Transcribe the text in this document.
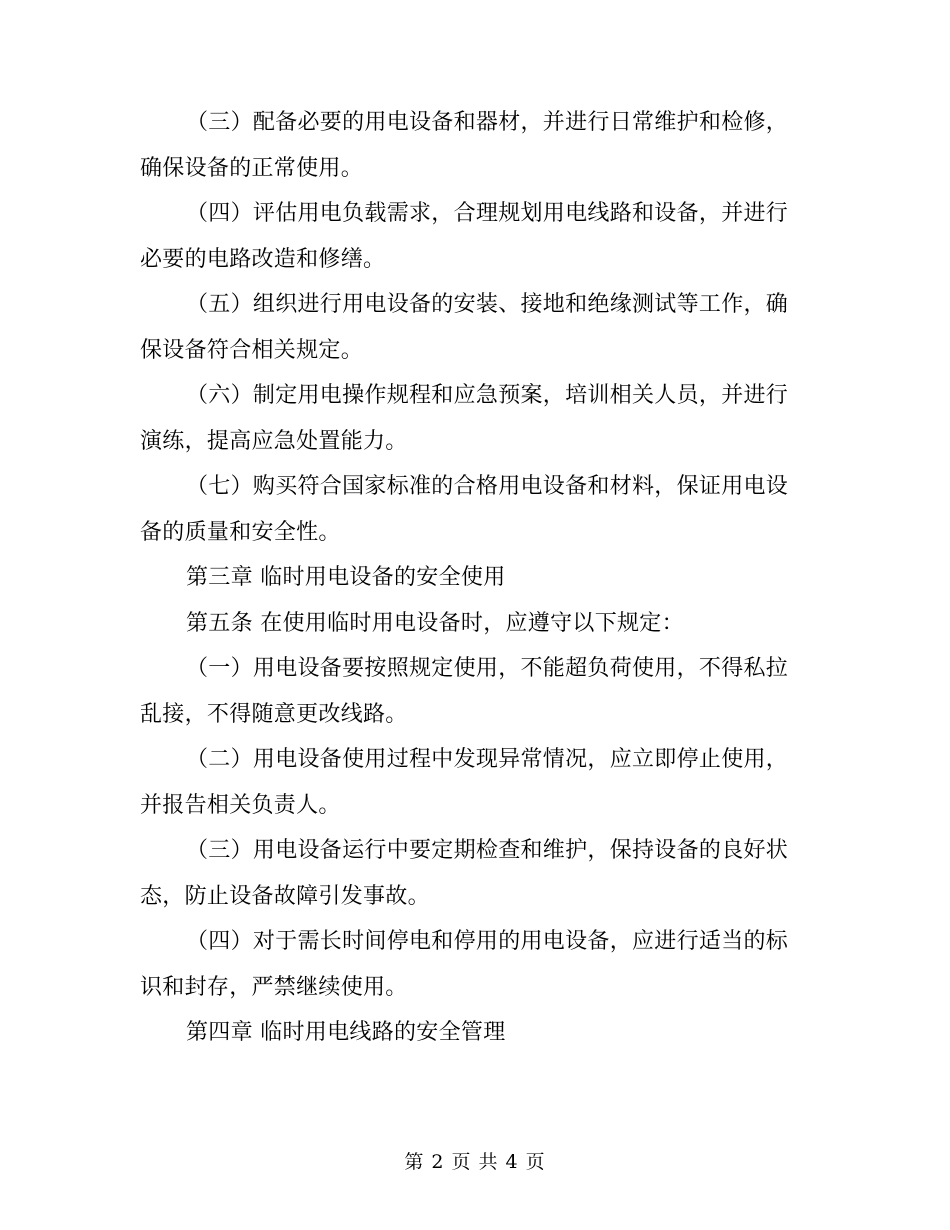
（三）配备必要的用电设备和器材，并进行日常维护和检修，确保设备的正常使用。

（四）评估用电负载需求，合理规划用电线路和设备，并进行必要的电路改造和修缮。

（五）组织进行用电设备的安装、接地和绝缘测试等工作，确保设备符合相关规定。

（六）制定用电操作规程和应急预案，培训相关人员，并进行演练，提高应急处置能力。

（七）购买符合国家标准的合格用电设备和材料，保证用电设备的质量和安全性。

第三章 临时用电设备的安全使用

第五条 在使用临时用电设备时，应遵守以下规定：

（一）用电设备要按照规定使用，不能超负荷使用，不得私拉乱接，不得随意更改线路。

（二）用电设备使用过程中发现异常情况，应立即停止使用，并报告相关负责人。

（三）用电设备运行中要定期检查和维护，保持设备的良好状态，防止设备故障引发事故。

（四）对于需长时间停电和停用的用电设备，应进行适当的标识和封存，严禁继续使用。

第四章 临时用电线路的安全管理

第 2 页 共 4 页
